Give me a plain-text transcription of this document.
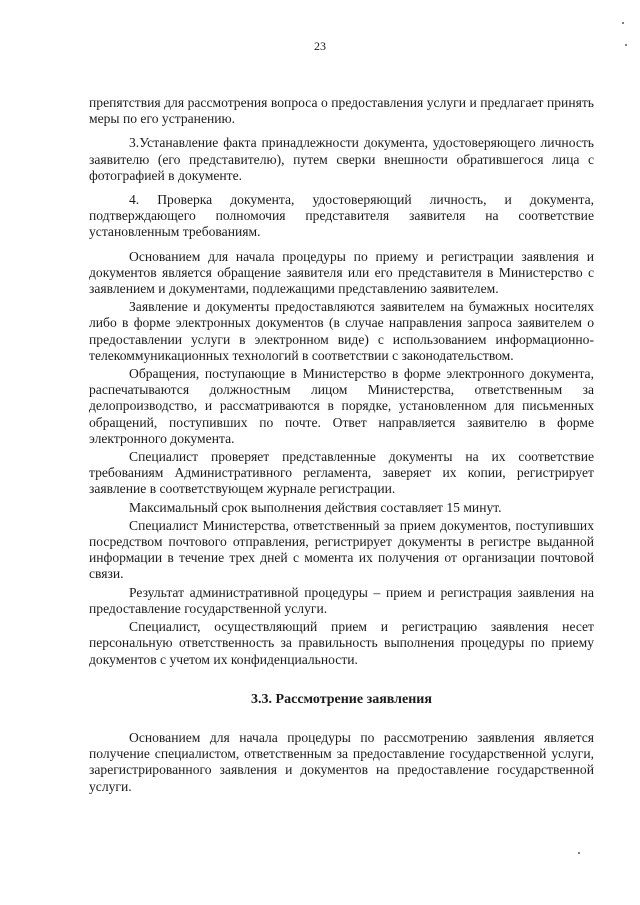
23

препятствия для рассмотрения вопроса о предоставления услуги и предлагает принять меры по его устранению.

3.Устанавление факта принадлежности документа, удостоверяющего личность заявителю (его представителю), путем сверки внешности обратившегося лица с фотографией в документе.

4. Проверка документа, удостоверяющий личность, и документа, подтверждающего полномочия представителя заявителя на соответствие установленным требованиям.

Основанием для начала процедуры по приему и регистрации заявления и документов является обращение заявителя или его представителя в Министерство с заявлением и документами, подлежащими представлению заявителем.

Заявление и документы предоставляются заявителем на бумажных носителях либо в форме электронных документов (в случае направления запроса заявителем о предоставлении услуги в электронном виде) с использованием информационно-телекоммуникационных технологий в соответствии с законодательством.

Обращения, поступающие в Министерство в форме электронного документа, распечатываются должностным лицом Министерства, ответственным за делопроизводство, и рассматриваются в порядке, установленном для письменных обращений, поступивших по почте. Ответ направляется заявителю в форме электронного документа.

Специалист проверяет представленные документы на их соответствие требованиям Административного регламента, заверяет их копии, регистрирует заявление в соответствующем журнале регистрации.

Максимальный срок выполнения действия составляет 15 минут.

Специалист Министерства, ответственный за прием документов, поступивших посредством почтового отправления, регистрирует документы в регистре выданной информации в течение трех дней с момента их получения от организации почтовой связи.

Результат административной процедуры – прием и регистрация заявления на предоставление государственной услуги.

Специалист, осуществляющий прием и регистрацию заявления несет персональную ответственность за правильность выполнения процедуры по приему документов с учетом их конфиденциальности.

3.3. Рассмотрение заявления

Основанием для начала процедуры по рассмотрению заявления является получение специалистом, ответственным за предоставление государственной услуги, зарегистрированного заявления и документов на предоставление государственной услуги.
